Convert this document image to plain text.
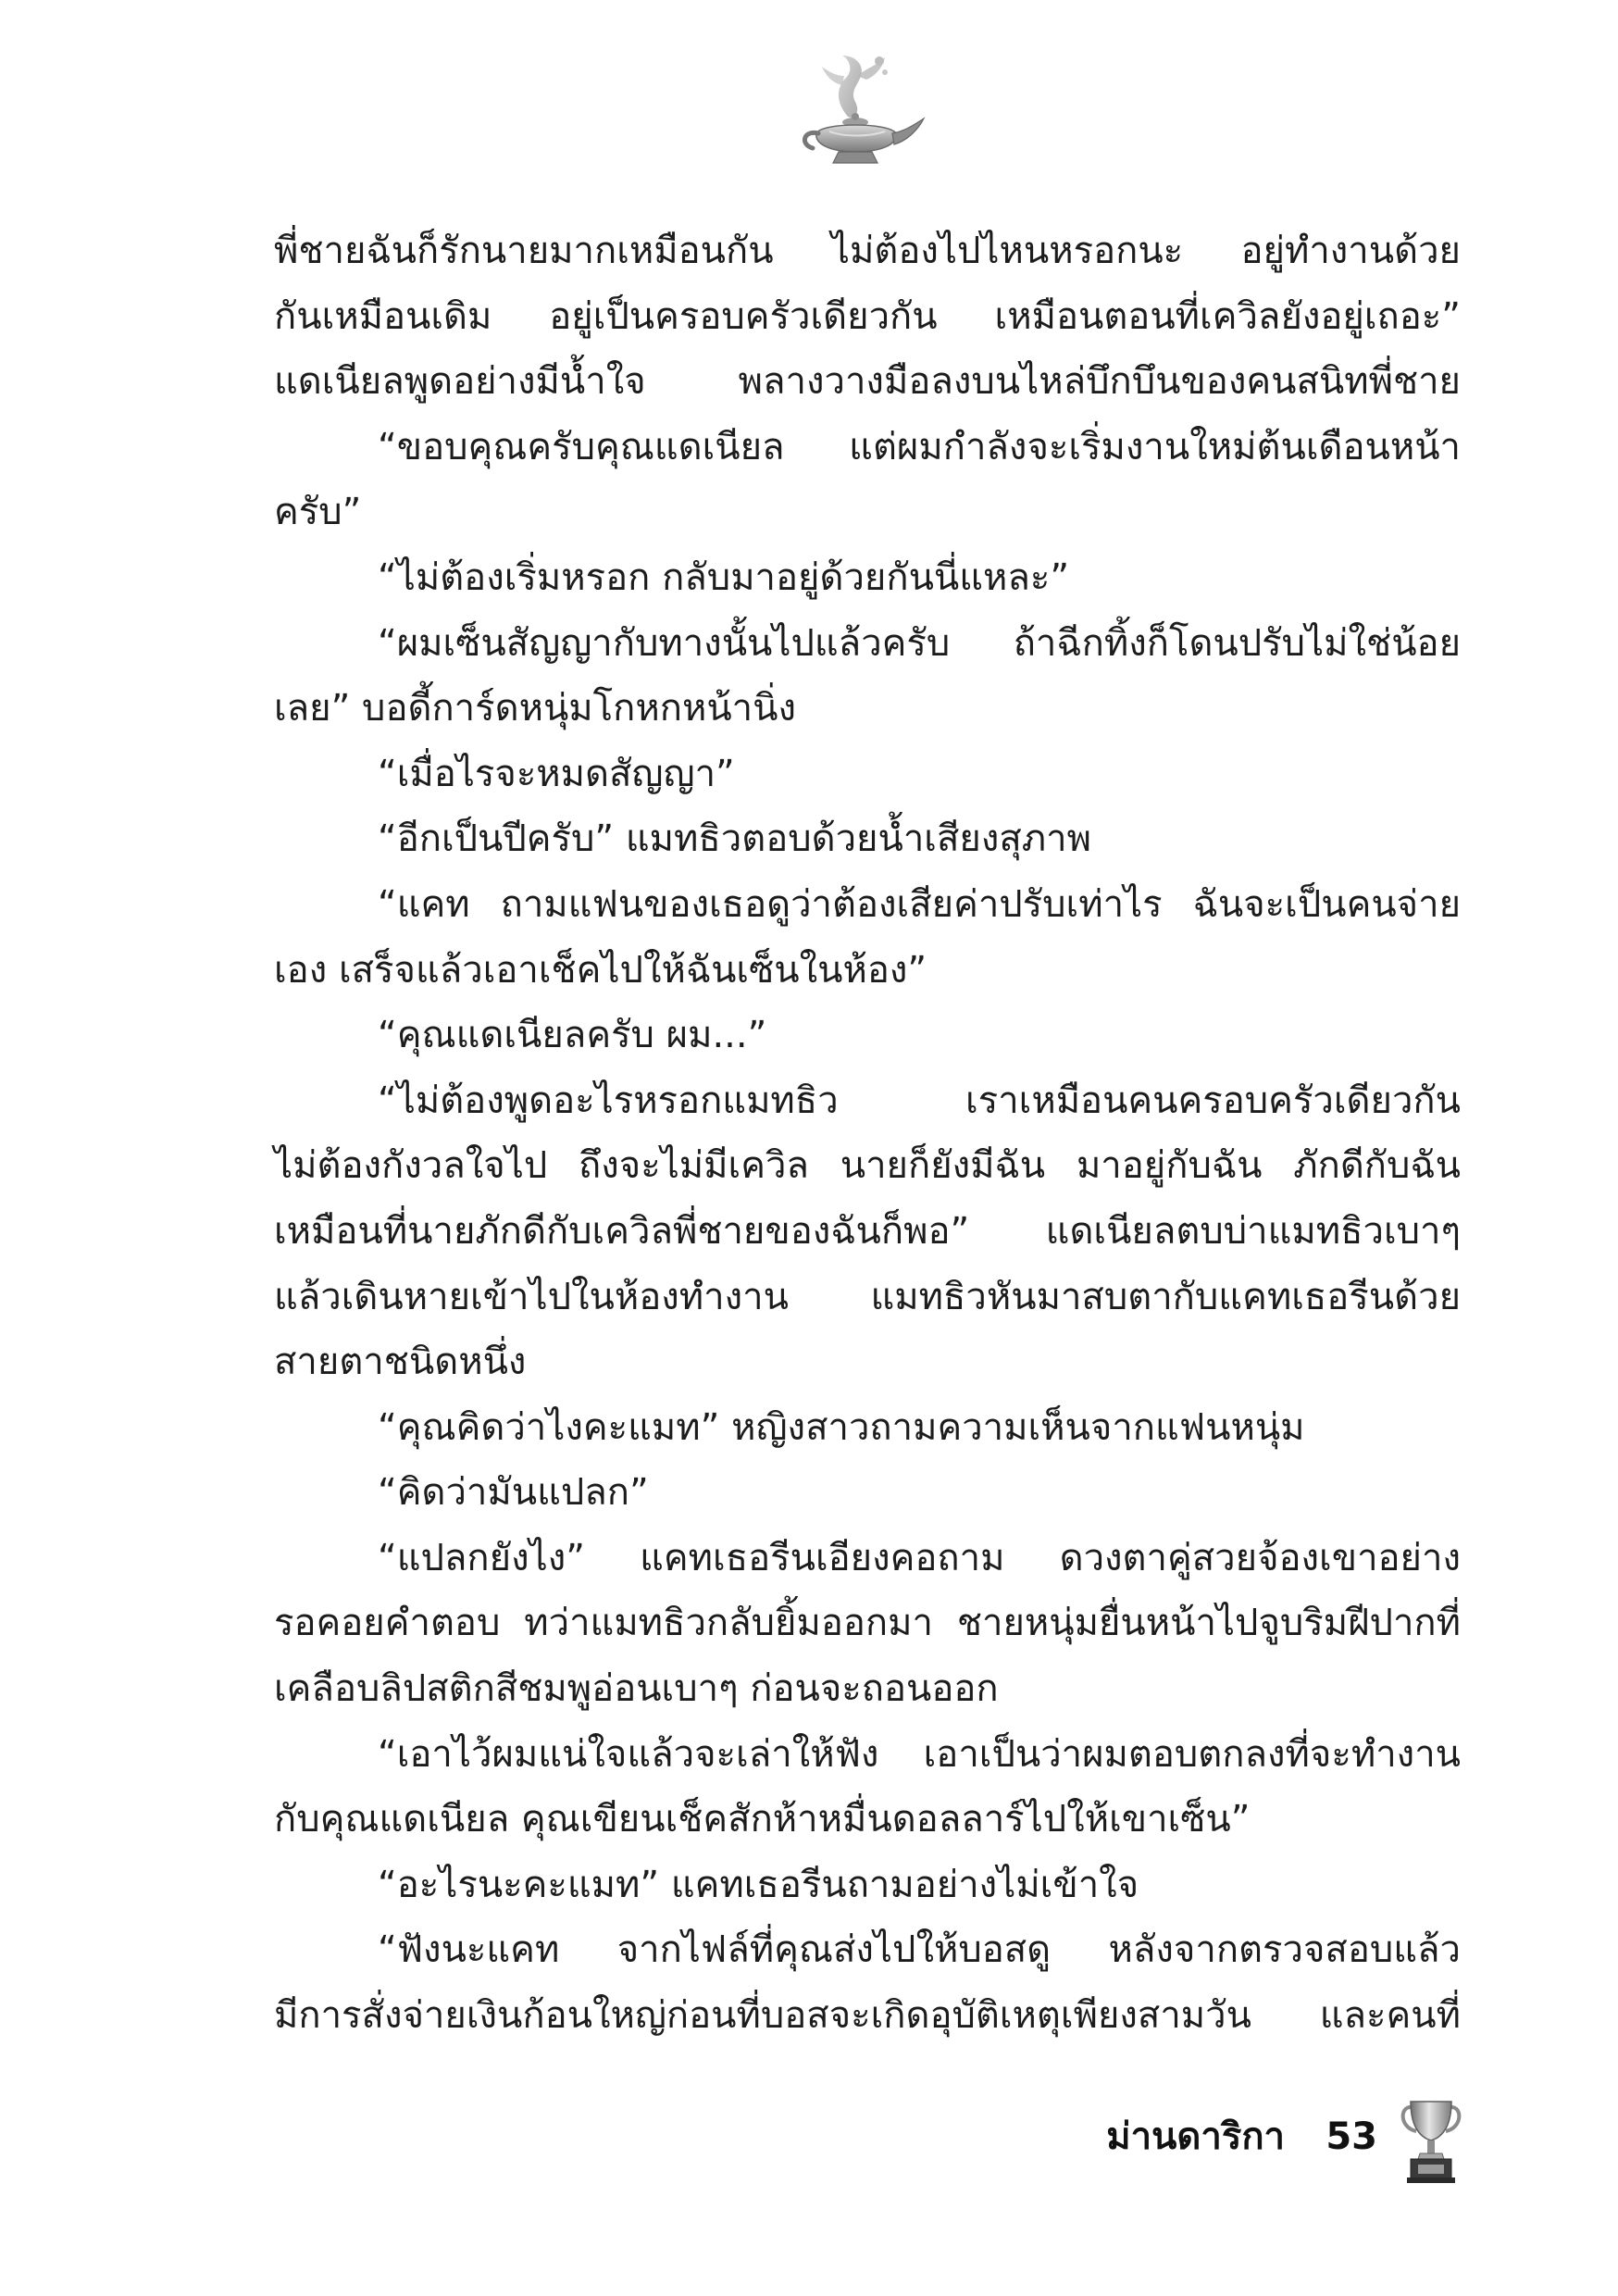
พี่ชายฉันก็รักนายมากเหมือนกัน ไม่ต้องไปไหนหรอกนะ อยู่ทำงานด้วย
กันเหมือนเดิม อยู่เป็นครอบครัวเดียวกัน เหมือนตอนที่เควิลยังอยู่เถอะ”
แดเนียลพูดอย่างมีน้ำใจ พลางวางมือลงบนไหล่บึกบึนของคนสนิทพี่ชาย
“ขอบคุณครับคุณแดเนียล แต่ผมกำลังจะเริ่มงานใหม่ต้นเดือนหน้า
ครับ”
“ไม่ต้องเริ่มหรอก กลับมาอยู่ด้วยกันนี่แหละ”
“ผมเซ็นสัญญากับทางนั้นไปแล้วครับ ถ้าฉีกทิ้งก็โดนปรับไม่ใช่น้อย
เลย” บอดี้การ์ดหนุ่มโกหกหน้านิ่ง
“เมื่อไรจะหมดสัญญา”
“อีกเป็นปีครับ” แมทธิวตอบด้วยน้ำเสียงสุภาพ
“แคท ถามแฟนของเธอดูว่าต้องเสียค่าปรับเท่าไร ฉันจะเป็นคนจ่าย
เอง เสร็จแล้วเอาเช็คไปให้ฉันเซ็นในห้อง”
“คุณแดเนียลครับ ผม...”
“ไม่ต้องพูดอะไรหรอกแมทธิว เราเหมือนคนครอบครัวเดียวกัน
ไม่ต้องกังวลใจไป ถึงจะไม่มีเควิล นายก็ยังมีฉัน มาอยู่กับฉัน ภักดีกับฉัน
เหมือนที่นายภักดีกับเควิลพี่ชายของฉันก็พอ” แดเนียลตบบ่าแมทธิวเบาๆ
แล้วเดินหายเข้าไปในห้องทำงาน แมทธิวหันมาสบตากับแคทเธอรีนด้วย
สายตาชนิดหนึ่ง
“คุณคิดว่าไงคะแมท” หญิงสาวถามความเห็นจากแฟนหนุ่ม
“คิดว่ามันแปลก”
“แปลกยังไง” แคทเธอรีนเอียงคอถาม ดวงตาคู่สวยจ้องเขาอย่าง
รอคอยคำตอบ ทว่าแมทธิวกลับยิ้มออกมา ชายหนุ่มยื่นหน้าไปจูบริมฝีปากที่
เคลือบลิปสติกสีชมพูอ่อนเบาๆ ก่อนจะถอนออก
“เอาไว้ผมแน่ใจแล้วจะเล่าให้ฟัง เอาเป็นว่าผมตอบตกลงที่จะทำงาน
กับคุณแดเนียล คุณเขียนเช็คสักห้าหมื่นดอลลาร์ไปให้เขาเซ็น”
“อะไรนะคะแมท” แคทเธอรีนถามอย่างไม่เข้าใจ
“ฟังนะแคท จากไฟล์ที่คุณส่งไปให้บอสดู หลังจากตรวจสอบแล้ว
มีการสั่งจ่ายเงินก้อนใหญ่ก่อนที่บอสจะเกิดอุบัติเหตุเพียงสามวัน และคนที่
ม่านดาริกา 53
